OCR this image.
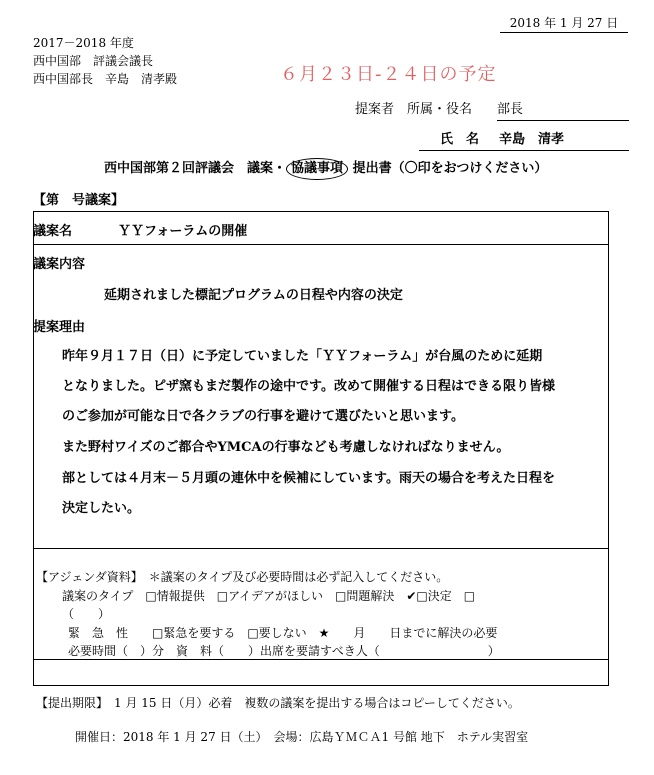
2018 年 1 月 27 日
2017－2018 年度
西中国部　評議会議長
西中国部長　辛島　清孝殿	６月２３日-２４日の予定
提案者　所属・役名 部長
氏　名	辛島　清孝
西中国部第２回評議会　議案・ 協議事項 提出書（〇印をおつけください）
【第　号議案】
議案名	ＹＹフォーラムの開催
議案内容
延期されました標記プログラムの日程や内容の決定
提案理由
昨年９月１７日（日）に予定していました「ＹＹフォーラム」が台風のために延期
となりました。ピザ窯もまだ製作の途中です。改めて開催する日程はできる限り皆様
のご参加が可能な日で各クラブの行事を避けて選びたいと思います。
また野村ワイズのご都合やYMCAの行事なども考慮しなければなりません。
部としては４月末－５月頭の連休中を候補にしています。雨天の場合を考えた日程を
決定したい。
【アジェンダ資料】　＊議案のタイプ及び必要時間は必ず記入してください。
議案のタイプ　□情報提供　□アイデアがほしい　□問題解決　✔□決定　□
（　　）
緊　急　性　　□緊急を要する　□要しない　★　　月　　日までに解決の必要
必要時間（　）分　資　料（　　）出席を要請すべき人（　　　　　　　　　）
【提出期限】　1 月 15 日（月）必着　複数の議案を提出する場合はコピーしてください。
開催日：2018 年 1 月 27 日（土）　会場：広島ＹＭＣＡ1 号館 地下　ホテル実習室
